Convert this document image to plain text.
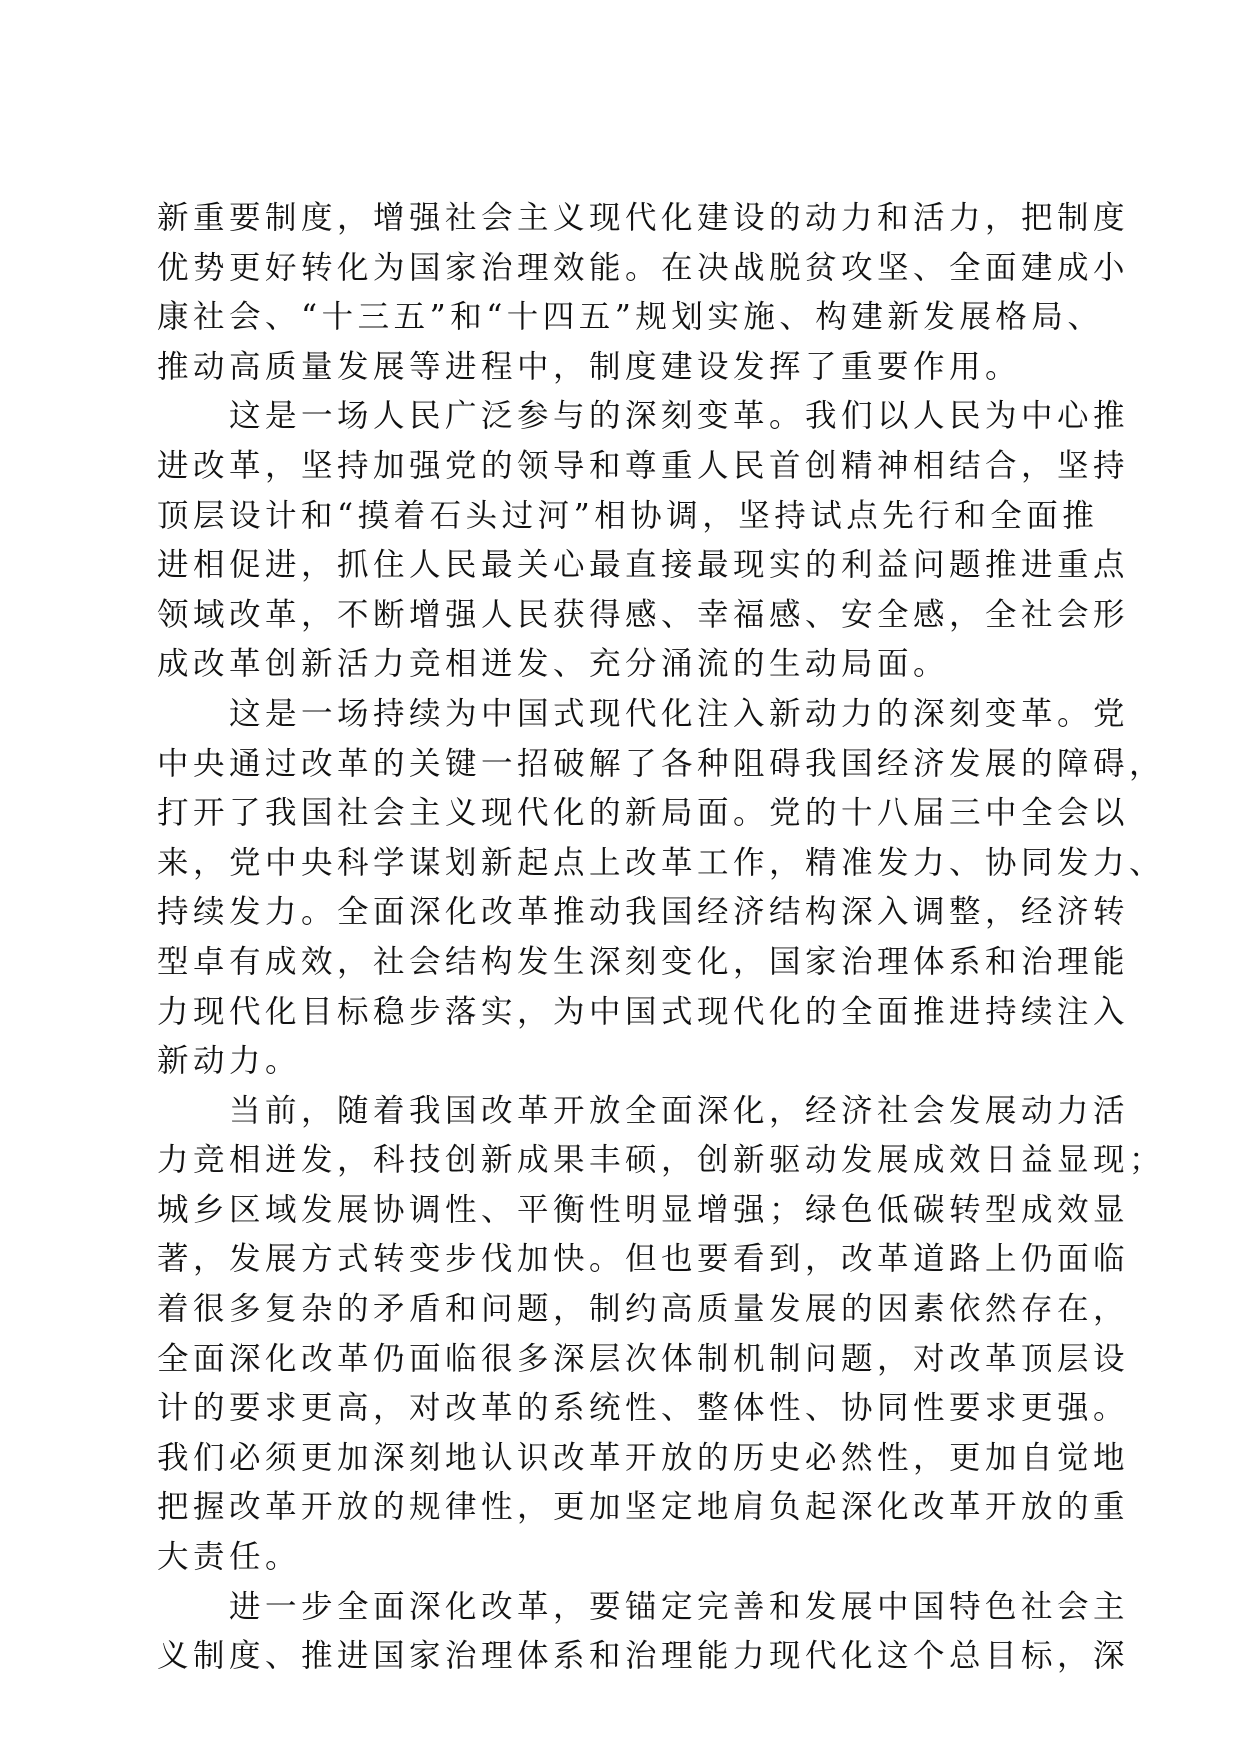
新重要制度，增强社会主义现代化建设的动力和活力，把制度
优势更好转化为国家治理效能。在决战脱贫攻坚、全面建成小
康社会、“十三五”和“十四五”规划实施、构建新发展格局、
推动高质量发展等进程中，制度建设发挥了重要作用。
　　这是一场人民广泛参与的深刻变革。我们以人民为中心推
进改革，坚持加强党的领导和尊重人民首创精神相结合，坚持
顶层设计和“摸着石头过河”相协调，坚持试点先行和全面推
进相促进，抓住人民最关心最直接最现实的利益问题推进重点
领域改革，不断增强人民获得感、幸福感、安全感，全社会形
成改革创新活力竞相迸发、充分涌流的生动局面。
　　这是一场持续为中国式现代化注入新动力的深刻变革。党
中央通过改革的关键一招破解了各种阻碍我国经济发展的障碍，
打开了我国社会主义现代化的新局面。党的十八届三中全会以
来，党中央科学谋划新起点上改革工作，精准发力、协同发力、
持续发力。全面深化改革推动我国经济结构深入调整，经济转
型卓有成效，社会结构发生深刻变化，国家治理体系和治理能
力现代化目标稳步落实，为中国式现代化的全面推进持续注入
新动力。
　　当前，随着我国改革开放全面深化，经济社会发展动力活
力竞相迸发，科技创新成果丰硕，创新驱动发展成效日益显现；
城乡区域发展协调性、平衡性明显增强；绿色低碳转型成效显
著，发展方式转变步伐加快。但也要看到，改革道路上仍面临
着很多复杂的矛盾和问题，制约高质量发展的因素依然存在，
全面深化改革仍面临很多深层次体制机制问题，对改革顶层设
计的要求更高，对改革的系统性、整体性、协同性要求更强。
我们必须更加深刻地认识改革开放的历史必然性，更加自觉地
把握改革开放的规律性，更加坚定地肩负起深化改革开放的重
大责任。
　　进一步全面深化改革，要锚定完善和发展中国特色社会主
义制度、推进国家治理体系和治理能力现代化这个总目标，深
